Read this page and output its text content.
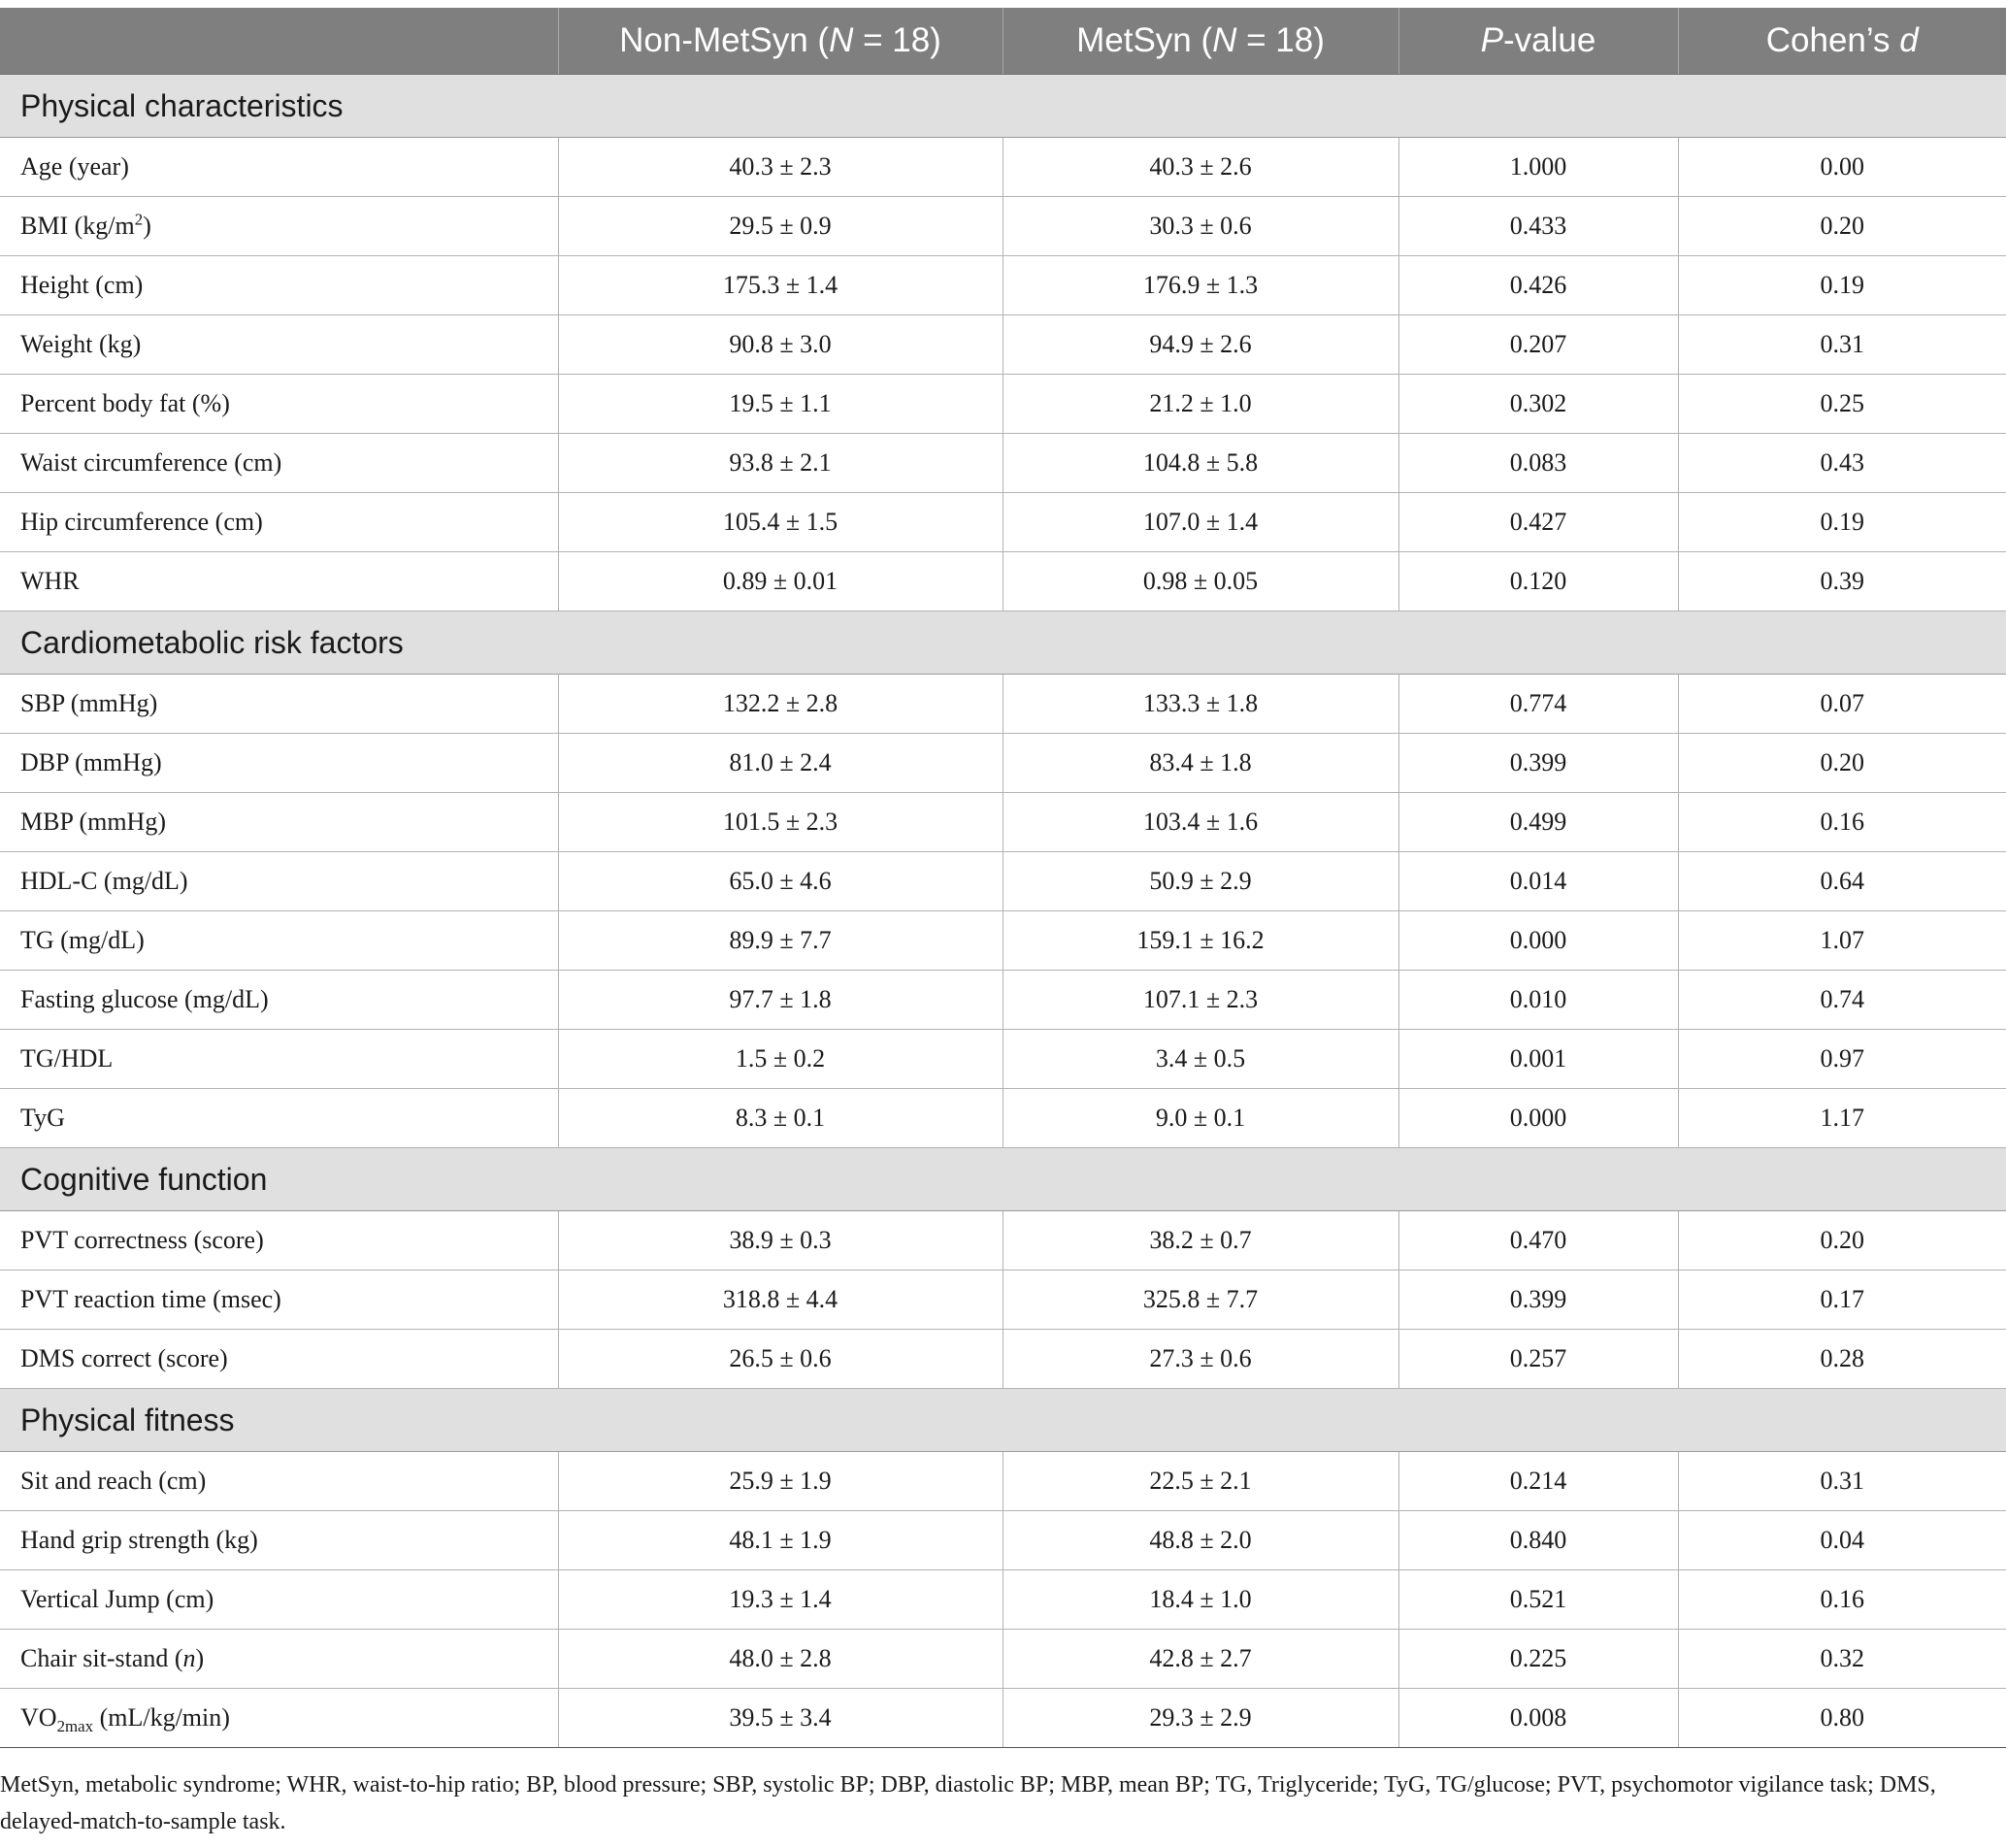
	Non-MetSyn (N = 18)	MetSyn (N = 18)	P-value	Cohen’s d
Physical characteristics				
Age (year)	40.3 ± 2.3	40.3 ± 2.6	1.000	0.00
BMI $(kg/m^2)$	29.5 ± 0.9	30.3 ± 0.6	0.433	0.20
Height (cm)	175.3 ± 1.4	176.9 ± 1.3	0.426	0.19
Weight (kg)	90.8 ± 3.0	94.9 ± 2.6	0.207	0.31
Percent body fat (%)	19.5 ± 1.1	21.2 ± 1.0	0.302	0.25
Waist circumference (cm)	93.8 ± 2.1	104.8 ± 5.8	0.083	0.43
Hip circumference (cm)	105.4 ± 1.5	107.0 ± 1.4	0.427	0.19
WHR	0.89 ± 0.01	0.98 ± 0.05	0.120	0.39
Cardiometabolic risk factors				
SBP (mmHg)	132.2 ± 2.8	133.3 ± 1.8	0.774	0.07
DBP (mmHg)	81.0 ± 2.4	83.4 ± 1.8	0.399	0.20
MBP (mmHg)	101.5 ± 2.3	103.4 ± 1.6	0.499	0.16
HDL-C (mg/dL)	65.0 ± 4.6	50.9 ± 2.9	0.014	0.64
TG (mg/dL)	89.9 ± 7.7	159.1 ± 16.2	0.000	1.07
Fasting glucose (mg/dL)	97.7 ± 1.8	107.1 ± 2.3	0.010	0.74
TG/HDL	1.5 ± 0.2	3.4 ± 0.5	0.001	0.97
TyG	8.3 ± 0.1	9.0 ± 0.1	0.000	1.17
Cognitive function				
PVT correctness (score)	38.9 ± 0.3	38.2 ± 0.7	0.470	0.20
PVT reaction time (msec)	318.8 ± 4.4	325.8 ± 7.7	0.399	0.17
DMS correct (score)	26.5 ± 0.6	27.3 ± 0.6	0.257	0.28
Physical fitness				
Sit and reach (cm)	25.9 ± 1.9	22.5 ± 2.1	0.214	0.31
Hand grip strength (kg)	48.1 ± 1.9	48.8 ± 2.0	0.840	0.04
Vertical Jump (cm)	19.3 ± 1.4	18.4 ± 1.0	0.521	0.16
Chair sit-stand (n)	48.0 ± 2.8	42.8 ± 2.7	0.225	0.32
$VO_{2max}$ (mL/kg/min)	39.5 ± 3.4	29.3 ± 2.9	0.008	0.80
MetSyn, metabolic syndrome; WHR, waist-to-hip ratio; BP, blood pressure; SBP, systolic BP; DBP, diastolic BP; MBP, mean BP; TG, Triglyceride; TyG, TG/glucose; PVT, psychomotor vigilance task; DMS, delayed-match-to-sample task.
